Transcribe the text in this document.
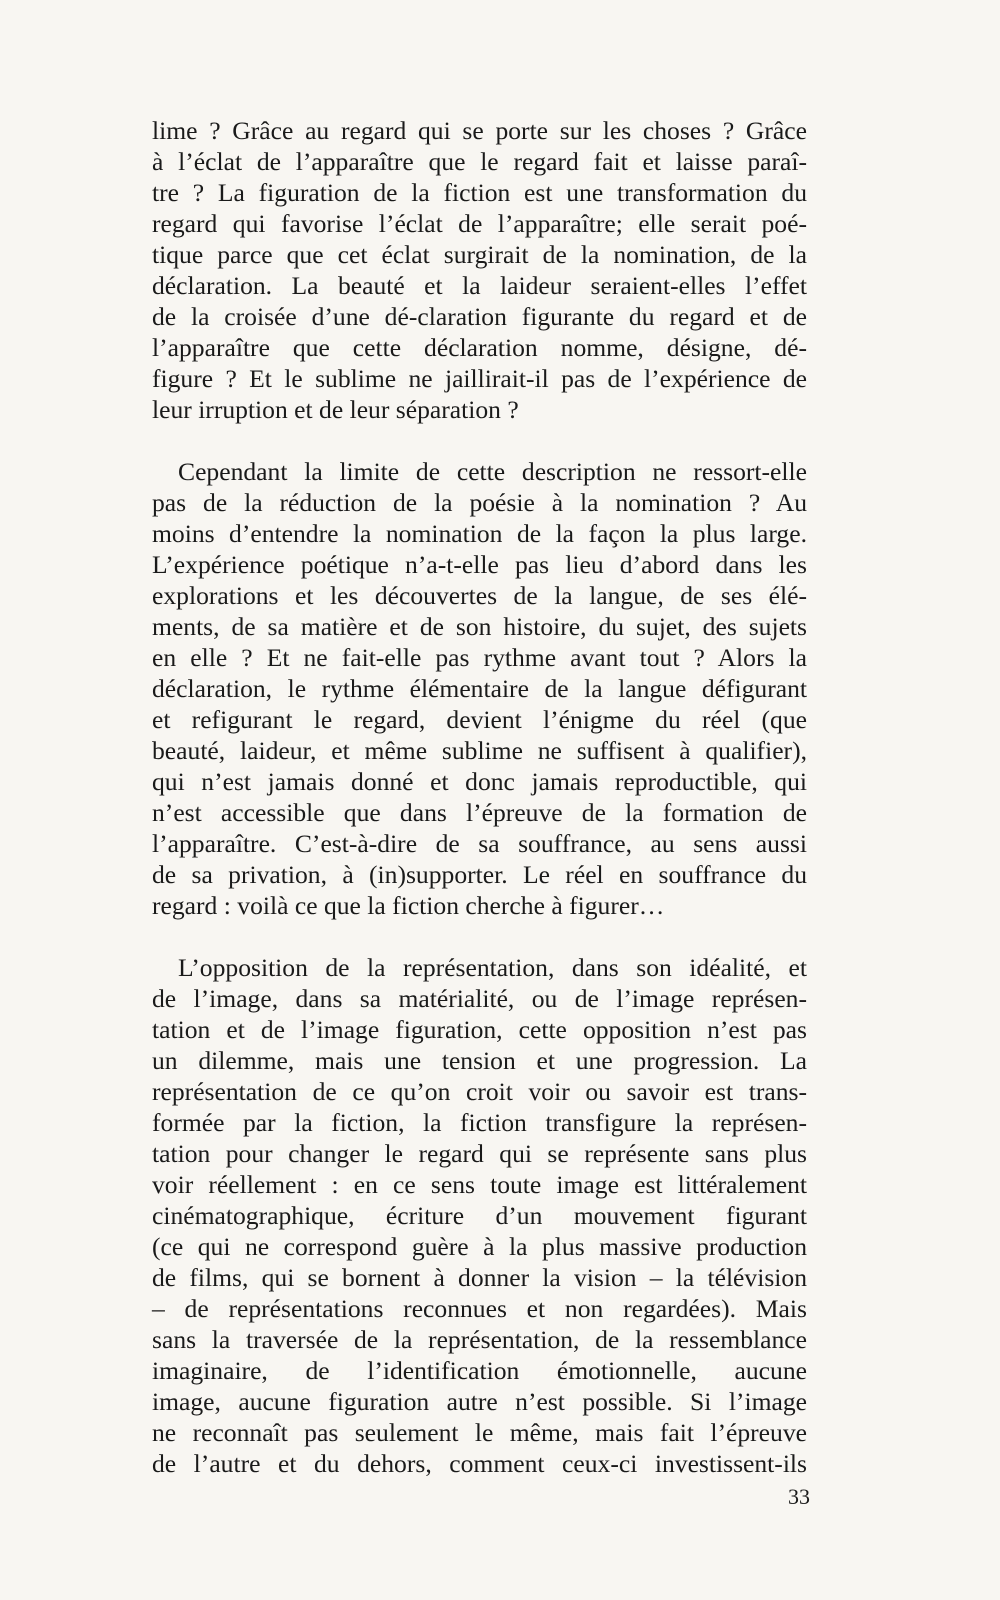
lime ? Grâce au regard qui se porte sur les choses ? Grâce
à l’éclat de l’apparaître que le regard fait et laisse paraî-
tre ? La figuration de la fiction est une transformation du
regard qui favorise l’éclat de l’apparaître; elle serait poé-
tique parce que cet éclat surgirait de la nomination, de la
déclaration. La beauté et la laideur seraient-elles l’effet
de la croisée d’une dé-claration figurante du regard et de
l’apparaître que cette déclaration nomme, désigne, dé-
figure ? Et le sublime ne jaillirait-il pas de l’expérience de
leur irruption et de leur séparation ?

Cependant la limite de cette description ne ressort-elle
pas de la réduction de la poésie à la nomination ? Au
moins d’entendre la nomination de la façon la plus large.
L’expérience poétique n’a-t-elle pas lieu d’abord dans les
explorations et les découvertes de la langue, de ses élé-
ments, de sa matière et de son histoire, du sujet, des sujets
en elle ? Et ne fait-elle pas rythme avant tout ? Alors la
déclaration, le rythme élémentaire de la langue défigurant
et refigurant le regard, devient l’énigme du réel (que
beauté, laideur, et même sublime ne suffisent à qualifier),
qui n’est jamais donné et donc jamais reproductible, qui
n’est accessible que dans l’épreuve de la formation de
l’apparaître. C’est-à-dire de sa souffrance, au sens aussi
de sa privation, à (in)supporter. Le réel en souffrance du
regard : voilà ce que la fiction cherche à figurer…

L’opposition de la représentation, dans son idéalité, et
de l’image, dans sa matérialité, ou de l’image représen-
tation et de l’image figuration, cette opposition n’est pas
un dilemme, mais une tension et une progression. La
représentation de ce qu’on croit voir ou savoir est trans-
formée par la fiction, la fiction transfigure la représen-
tation pour changer le regard qui se représente sans plus
voir réellement : en ce sens toute image est littéralement
cinématographique, écriture d’un mouvement figurant
(ce qui ne correspond guère à la plus massive production
de films, qui se bornent à donner la vision – la télévision
– de représentations reconnues et non regardées). Mais
sans la traversée de la représentation, de la ressemblance
imaginaire, de l’identification émotionnelle, aucune
image, aucune figuration autre n’est possible. Si l’image
ne reconnaît pas seulement le même, mais fait l’épreuve
de l’autre et du dehors, comment ceux-ci investissent-ils

33
